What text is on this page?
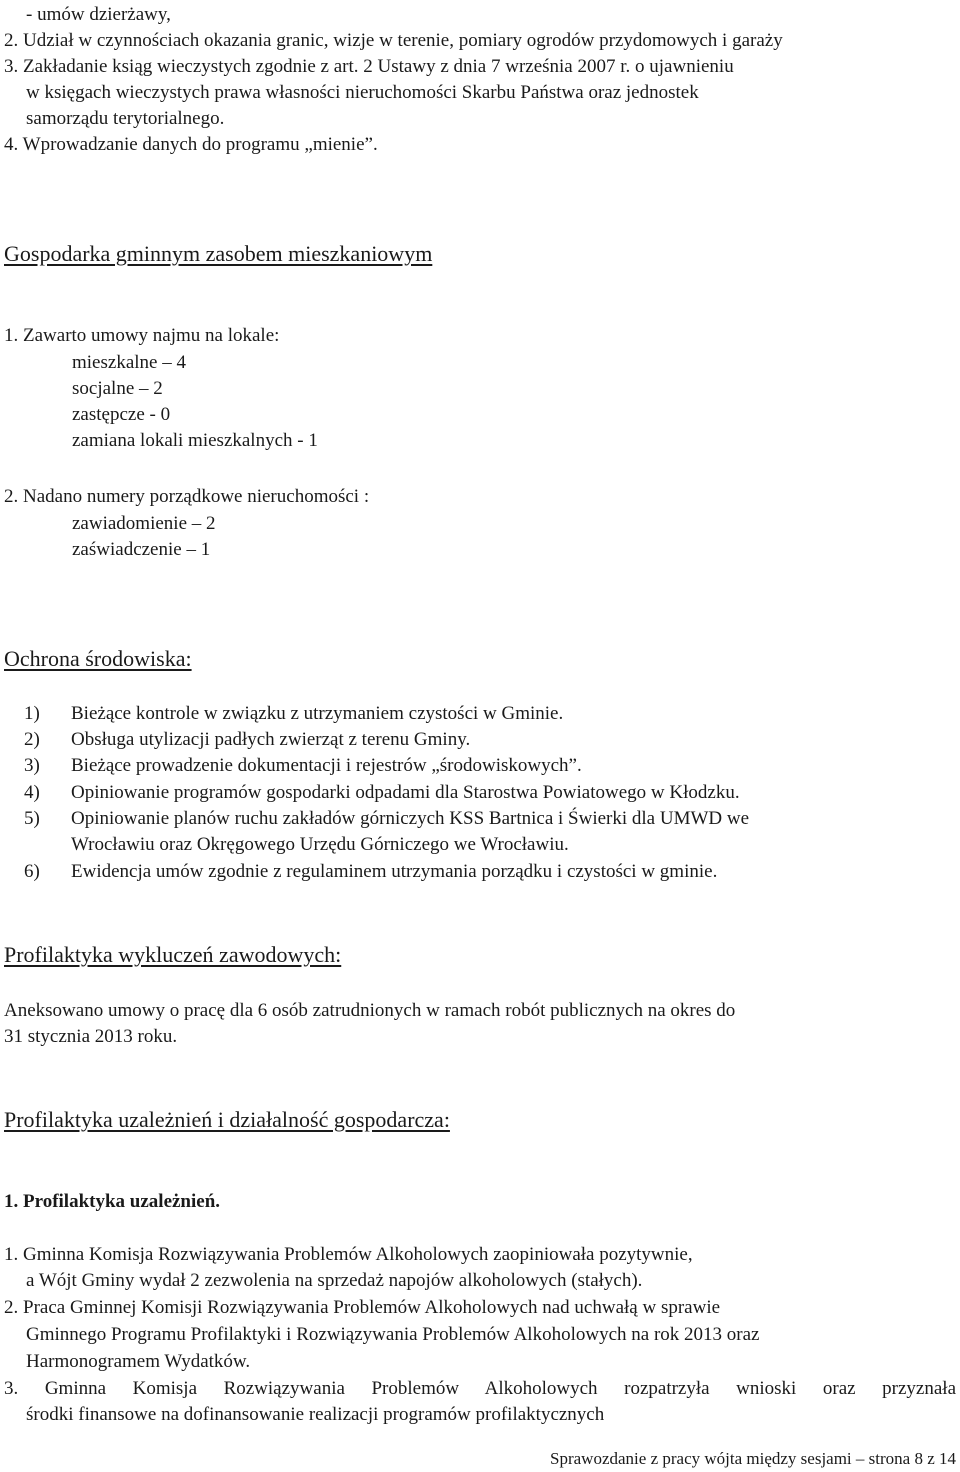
- umów dzierżawy,
2. Udział w czynnościach okazania granic, wizje w terenie, pomiary ogrodów przydomowych i garaży
3. Zakładanie ksiąg wieczystych zgodnie z art. 2 Ustawy z dnia 7 września 2007 r. o ujawnieniu
w księgach wieczystych prawa własności nieruchomości Skarbu Państwa oraz jednostek
samorządu terytorialnego.
4. Wprowadzanie danych do programu „mienie”.
Gospodarka gminnym zasobem mieszkaniowym
1. Zawarto umowy najmu na lokale:
mieszkalne – 4
socjalne – 2
zastępcze - 0
zamiana lokali mieszkalnych - 1
2. Nadano numery porządkowe nieruchomości :
zawiadomienie – 2
zaświadczenie – 1
Ochrona środowiska:
1) Bieżące kontrole w związku z utrzymaniem czystości w Gminie.
2) Obsługa utylizacji padłych zwierząt z terenu Gminy.
3) Bieżące prowadzenie dokumentacji i rejestrów „środowiskowych”.
4) Opiniowanie programów gospodarki odpadami dla Starostwa Powiatowego w Kłodzku.
5) Opiniowanie planów ruchu zakładów górniczych KSS Bartnica i Świerki dla UMWD we
Wrocławiu oraz Okręgowego Urzędu Górniczego we Wrocławiu.
6) Ewidencja umów zgodnie z regulaminem utrzymania porządku i czystości w gminie.
Profilaktyka wykluczeń zawodowych:
Aneksowano umowy o pracę dla 6 osób zatrudnionych w ramach robót publicznych na okres do
31 stycznia 2013 roku.
Profilaktyka uzależnień i działalność gospodarcza:
1. Profilaktyka uzależnień.
1. Gminna Komisja Rozwiązywania Problemów Alkoholowych zaopiniowała pozytywnie,
a Wójt Gminy wydał 2 zezwolenia na sprzedaż napojów alkoholowych (stałych).
2. Praca Gminnej Komisji Rozwiązywania Problemów Alkoholowych nad uchwałą w sprawie
Gminnego Programu Profilaktyki i Rozwiązywania Problemów Alkoholowych na rok 2013 oraz
Harmonogramem Wydatków.
3. Gminna Komisja Rozwiązywania Problemów Alkoholowych rozpatrzyła wnioski oraz przyznała
środki finansowe na dofinansowanie realizacji programów profilaktycznych
Sprawozdanie z pracy wójta między sesjami – strona 8 z 14
